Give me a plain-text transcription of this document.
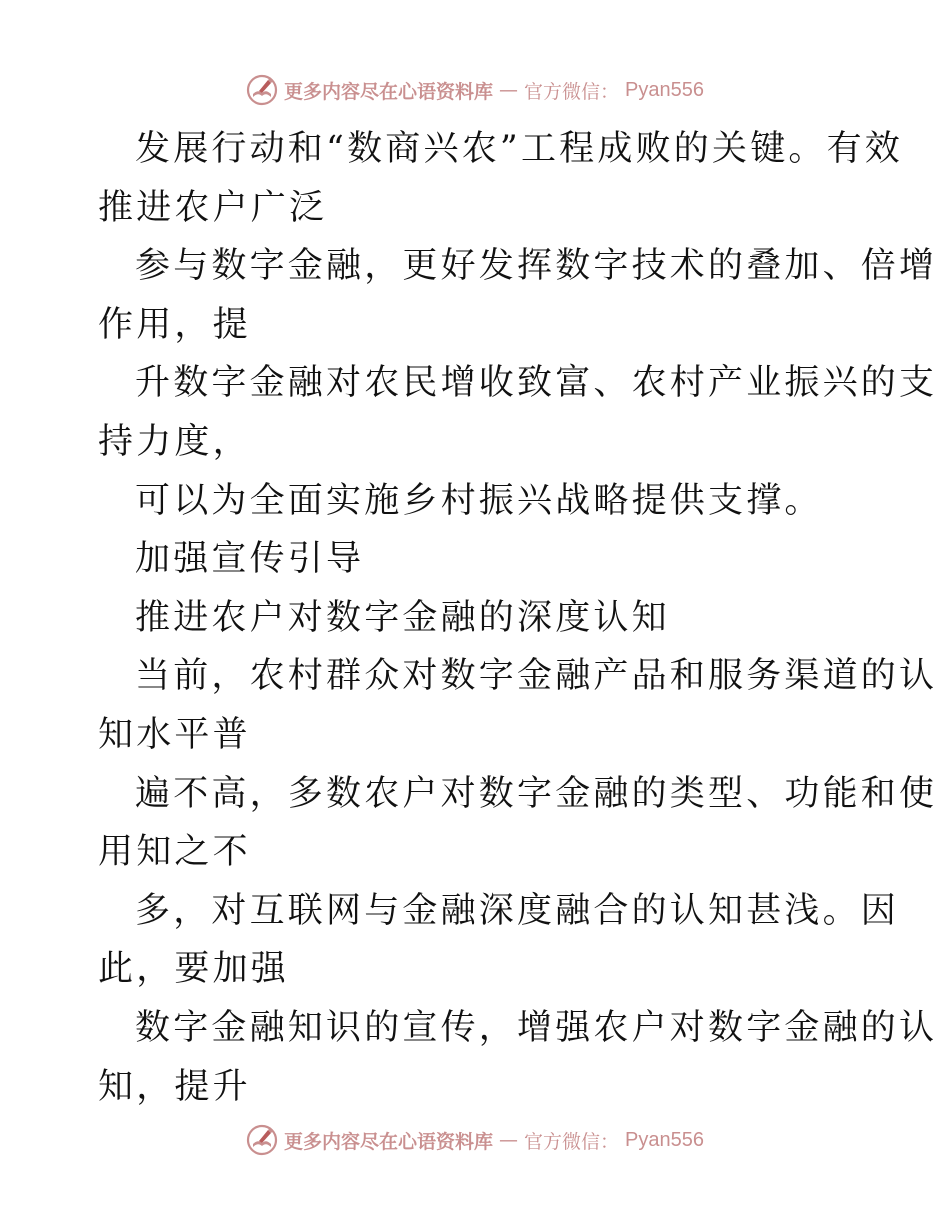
更多内容尽在心语资料库 — 官方微信： Pyan556
发展行动和“数商兴农”工程成败的关键。有效
推进农户广泛
参与数字金融，更好发挥数字技术的叠加、倍增
作用，提
升数字金融对农民增收致富、农村产业振兴的支
持力度，
可以为全面实施乡村振兴战略提供支撑。
加强宣传引导
推进农户对数字金融的深度认知
当前，农村群众对数字金融产品和服务渠道的认
知水平普
遍不高，多数农户对数字金融的类型、功能和使
用知之不
多，对互联网与金融深度融合的认知甚浅。因
此，要加强
数字金融知识的宣传，增强农户对数字金融的认
知，提升
更多内容尽在心语资料库 — 官方微信： Pyan556
